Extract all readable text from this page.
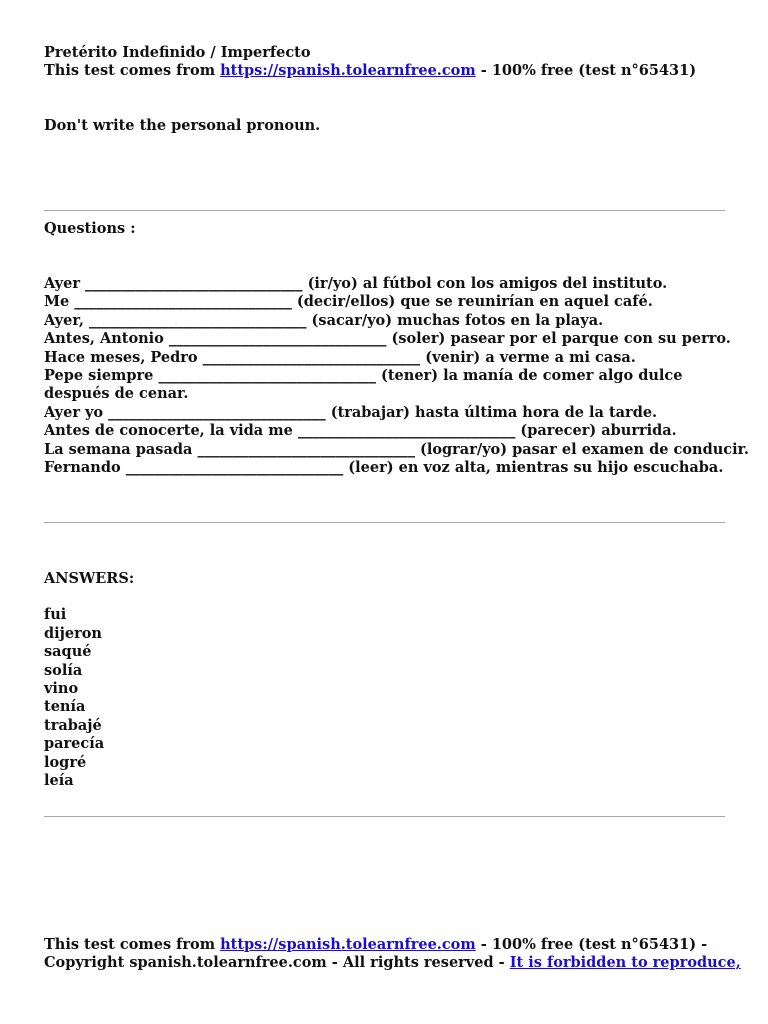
Pretérito Indefinido / Imperfecto
This test comes from https://spanish.tolearnfree.com - 100% free (test n°65431)
Don't write the personal pronoun.
Questions :
Ayer ______________________________ (ir/yo) al fútbol con los amigos del instituto.
Me ______________________________ (decir/ellos) que se reunirían en aquel café.
Ayer, ______________________________ (sacar/yo) muchas fotos en la playa.
Antes, Antonio ______________________________ (soler) pasear por el parque con su perro.
Hace meses, Pedro ______________________________ (venir) a verme a mi casa.
Pepe siempre ______________________________ (tener) la manía de comer algo dulce después de cenar.
Ayer yo ______________________________ (trabajar) hasta última hora de la tarde.
Antes de conocerte, la vida me ______________________________ (parecer) aburrida.
La semana pasada ______________________________ (lograr/yo) pasar el examen de conducir.
Fernando ______________________________ (leer) en voz alta, mientras su hijo escuchaba.
ANSWERS:
fui
dijeron
saqué
solía
vino
tenía
trabajé
parecía
logré
leía
This test comes from https://spanish.tolearnfree.com - 100% free (test n°65431) -
Copyright spanish.tolearnfree.com - All rights reserved - It is forbidden to reproduce,
